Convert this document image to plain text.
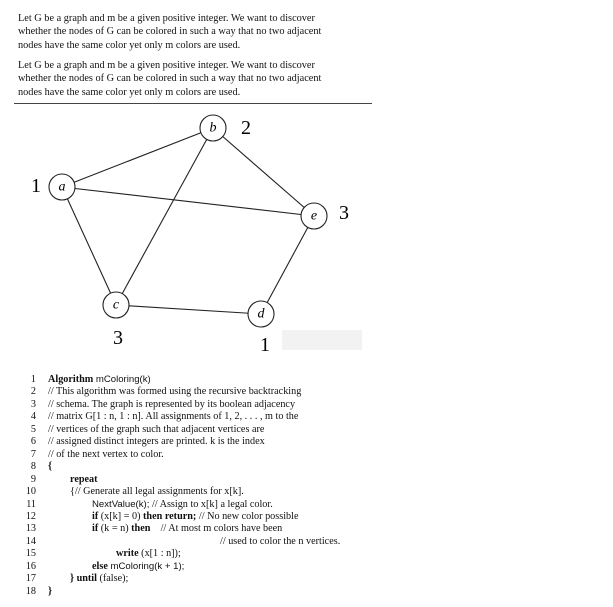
Let G be a graph and m be a given positive integer. We want to discover
whether the nodes of G can be colored in such a way that no two adjacent
nodes have the same color yet only m colors are used.
Let G be a graph and m be a given positive integer. We want to discover
whether the nodes of G can be colored in such a way that no two adjacent
nodes have the same color yet only m colors are used.
a
1
b 2
c
3
d
1
e 3
1 Algorithm mColoring(k)
2 // This algorithm was formed using the recursive backtracking
3 // schema. The graph is represented by its boolean adjacency
4 // matrix G[1 : n, 1 : n]. All assignments of 1, 2, . . . , m to the
5 // vertices of the graph such that adjacent vertices are
6 // assigned distinct integers are printed. k is the index
7 // of the next vertex to color.
8 {
9	repeat
10	{// Generate all legal assignments for x[k].
11	NextValue(k); // Assign to x[k] a legal color.
12	if (x[k] = 0) then return; // No new color possible
13	if (k = n) then    // At most m colors have been
14	// used to color the n vertices.
15	write (x[1 : n]);
16	else mColoring(k + 1);
17	} until (false);
18 }
